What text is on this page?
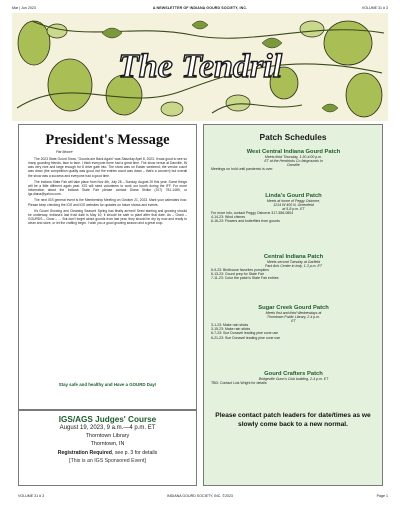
Mar | Jun 2023	A NEWSLETTER OF INDIANA GOURD SOCIETY, INC.	VOLUME 31 # 3
The Tendril
President's Message
Pat Moore

The 2023 State Gourd Show, "Gourds are Back Again" was Saturday April 8, 2023. It was good to see so many gourding friends, face to face. I think everyone there had a great time. The show venue at Danville, IN was very nice and large enough for 8 drive gate into. The show was on Easter weekend; the vendor count was down (the competition quality was good, but the entries count was down – that's a concern) but overall the show was a success and everyone had a good time.

The Indiana State Fair will take place from Nov 4th, July 28 – Sunday, August 20 this year. Some things will be a little different again year. IGS will need volunteers to work our booth during the IFF. For more information about the Indiana State Fair please contact Diana Shilke (317) 781-1489, or igs.diana@yahoo.com.

The next IGS general event is the Membership Meeting on October 21, 2023. Mark your calendars now. Please keep checking the IGS and IGS websites for updates on future shows and events.

It's Gourd Growing and Cleaning Season! Spring has finally arrived! Seed starting and growing should be underway. Indiana's last frost date is May 10; it should be safe to plant after that date. As – Grant – GOURDS – Grow – … But don't forget about gourds from last year, they should be dry by now and ready to clean and store, or let the crafting begin. I wish you a good growing season and a great crop.

Stay safe and healthy and Have a GOURD Day!
IGS/AGS Judges' Course
August 19, 2023, 9 a.m.—4 p.m. ET
Thorntown Library
Thorntown, IN
Registration Required, see p. 3 for details
[This is an IGS Sponsored Event]
Patch Schedules
West Central Indiana Gourd Patch
Meets third Thursday, 1:30-4:00 p.m.
ET at the Hendricks Co fairgrounds in
Danville
Meetings on hold until pandemic is over.
Linda's Gourd Patch
Meets at home of Peggy Osborne,
1214 W 400 N, Greenfield
at 5-8 p.m. ET
For more info, contact Peggy Osborne 317-386-0804
4-14-23: Wind chimes
6-16-23: Flowers and butterflies from gourds
Central Indiana Patch
Meets second Tuesday at Garfield
Park Arts Center in Indy, 1-3 p.m. ET
6-9-23: Birdhouse favorites pumpkins
6-13-23: Gourd prep for State Fair
7-11-23: Color the patch's State Fair entries
Sugar Creek Gourd Patch
Meets first and third Wednesdays at
Thorntown Public Library, 2-4 p.m.
ET
3-1-23: Make rain sticks
3-15-23: Make rain sticks
6-7-23: Sue Donavel leading pine cone use
6-21-23: Sue Donavel leading pine cone use
Gourd Crafters Patch
Bridgeville Gunn's Club building, 2-4 p.m. ET
TBD: Contact Lois Wright for details
Please contact patch leaders for date/times as we slowly come back to a new normal.
VOLUME 31 # 3	INDIANA GOURD SOCIETY, INC. ©2023	Page 1
